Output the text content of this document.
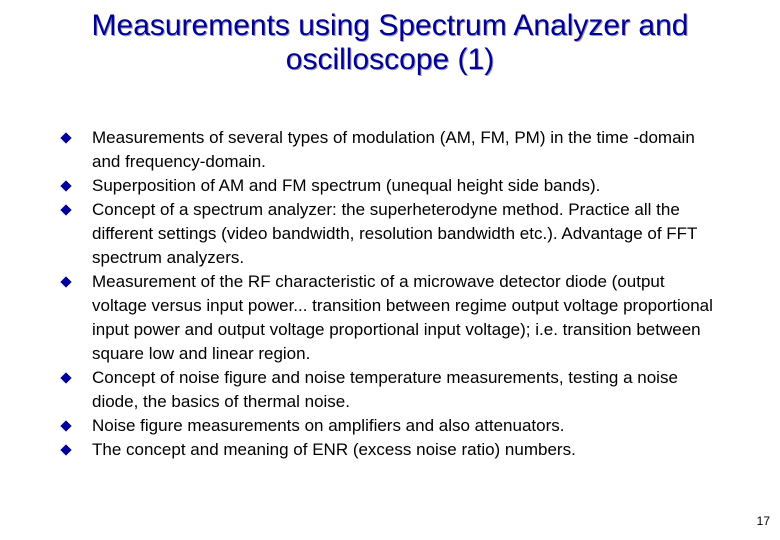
Measurements using Spectrum Analyzer and
oscilloscope (1)
Measurements of several types of modulation (AM, FM, PM) in the time -domain and frequency-domain.
Superposition of AM and FM spectrum (unequal height side bands).
Concept of a spectrum analyzer: the superheterodyne method. Practice all the different settings (video bandwidth, resolution bandwidth etc.). Advantage of FFT spectrum analyzers.
Measurement of the RF characteristic of a microwave detector diode (output voltage versus input power... transition between regime output voltage proportional input power and output voltage proportional input voltage); i.e. transition between square low and linear region.
Concept of noise figure and noise temperature measurements, testing a noise diode, the basics of thermal noise.
Noise figure measurements on amplifiers and also attenuators.
The concept and meaning of ENR (excess noise ratio) numbers.
17
